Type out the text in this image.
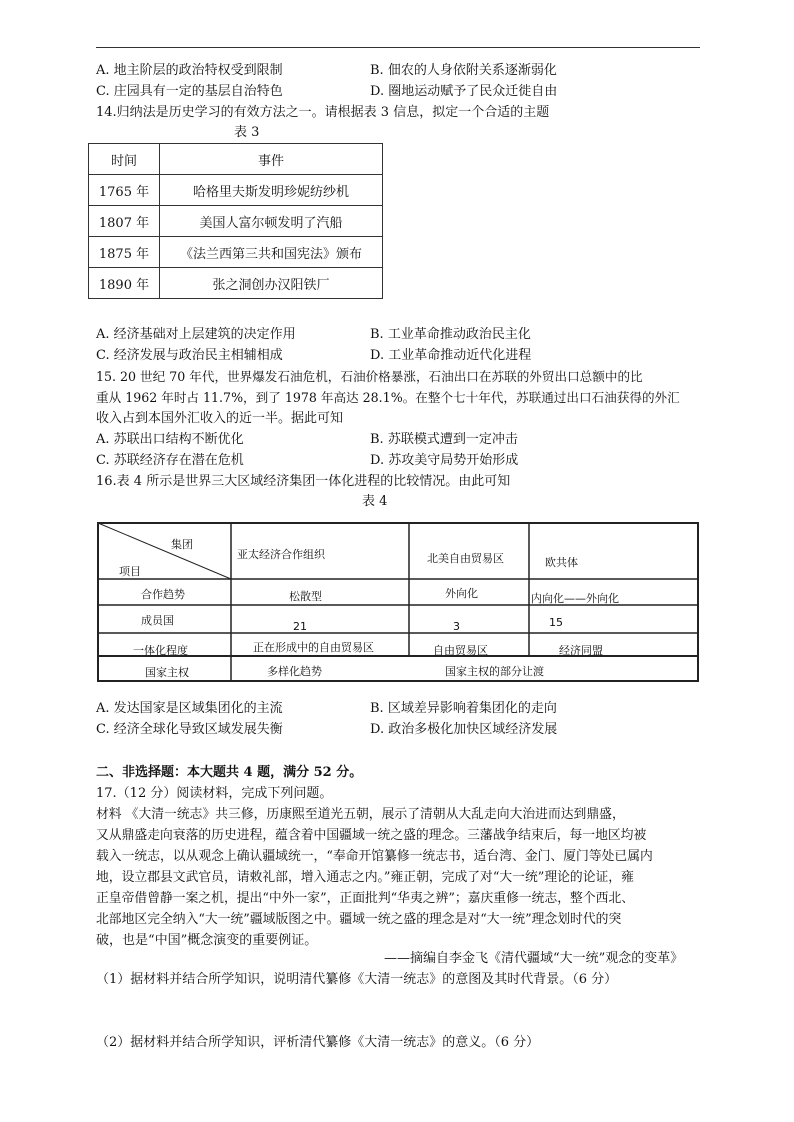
A. 地主阶层的政治特权受到限制	B. 佃农的人身依附关系逐渐弱化
C. 庄园具有一定的基层自治特色	D. 圈地运动赋予了民众迁徙自由
14.归纳法是历史学习的有效方法之一。请根据表 3 信息，拟定一个合适的主题
表 3
时间	事件
1765 年	哈格里夫斯发明珍妮纺纱机
1807 年	美国人富尔顿发明了汽船
1875 年	《法兰西第三共和国宪法》颁布
1890 年	张之洞创办汉阳铁厂
A. 经济基础对上层建筑的决定作用	B. 工业革命推动政治民主化
C. 经济发展与政治民主相辅相成	D. 工业革命推动近代化进程
15. 20 世纪 70 年代，世界爆发石油危机，石油价格暴涨，石油出口在苏联的外贸出口总额中的比
重从 1962 年时占 11.7%，到了 1978 年高达 28.1%。在整个七十年代，苏联通过出口石油获得的外汇
收入占到本国外汇收入的近一半。据此可知
A. 苏联出口结构不断优化	B. 苏联模式遭到一定冲击
C. 苏联经济存在潜在危机	D. 苏攻美守局势开始形成
16.表 4 所示是世界三大区域经济集团一体化进程的比较情况。由此可知
表 4
集团
项目
亚太经济合作组织	北美自由贸易区	欧共体
合作趋势	松散型	外向化	内向化——外向化
成员国	21	3	15
一体化程度	正在形成中的自由贸易区	自由贸易区	经济同盟
国家主权	多样化趋势	国家主权的部分让渡
A. 发达国家是区域集团化的主流	B. 区域差异影响着集团化的走向
C. 经济全球化导致区域发展失衡	D. 政治多极化加快区域经济发展
二、非选择题：本大题共 4 题，满分 52 分。
17.（12 分）阅读材料，完成下列问题。
材料 《大清一统志》共三修，历康熙至道光五朝，展示了清朝从大乱走向大治进而达到鼎盛，
又从鼎盛走向衰落的历史进程，蕴含着中国疆域一统之盛的理念。三藩战争结束后，每一地区均被
载入一统志，以从观念上确认疆域统一，“奉命开馆纂修一统志书，适台湾、金门、厦门等处已属内
地，设立郡县文武官员，请敕礼部，增入通志之内。”雍正朝，完成了对“大一统”理论的论证，雍
正皇帝借曾静一案之机，提出“中外一家”，正面批判“华夷之辨”；嘉庆重修一统志，整个西北、
北部地区完全纳入“大一统”疆域版图之中。疆域一统之盛的理念是对“大一统”理念划时代的突
破，也是“中国”概念演变的重要例证。
——摘编自李金飞《清代疆域“大一统”观念的变革》
（1）据材料并结合所学知识，说明清代纂修《大清一统志》的意图及其时代背景。（6 分）
（2）据材料并结合所学知识，评析清代纂修《大清一统志》的意义。（6 分）
